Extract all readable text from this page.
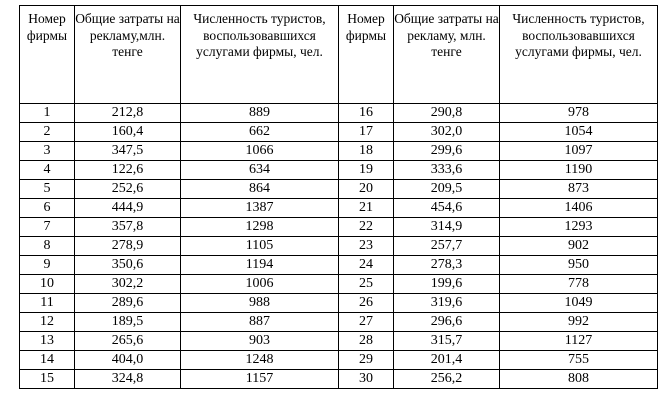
Номер фирмы	Общие затраты на рекламу,млн. тенге	Численность туристов, воспользовавшихся услугами фирмы, чел.	Номер фирмы	Общие затраты на рекламу, млн. тенге	Численность туристов, воспользовавшихся услугами фирмы, чел.
1	212,8	889	16	290,8	978
2	160,4	662	17	302,0	1054
3	347,5	1066	18	299,6	1097
4	122,6	634	19	333,6	1190
5	252,6	864	20	209,5	873
6	444,9	1387	21	454,6	1406
7	357,8	1298	22	314,9	1293
8	278,9	1105	23	257,7	902
9	350,6	1194	24	278,3	950
10	302,2	1006	25	199,6	778
11	289,6	988	26	319,6	1049
12	189,5	887	27	296,6	992
13	265,6	903	28	315,7	1127
14	404,0	1248	29	201,4	755
15	324,8	1157	30	256,2	808
